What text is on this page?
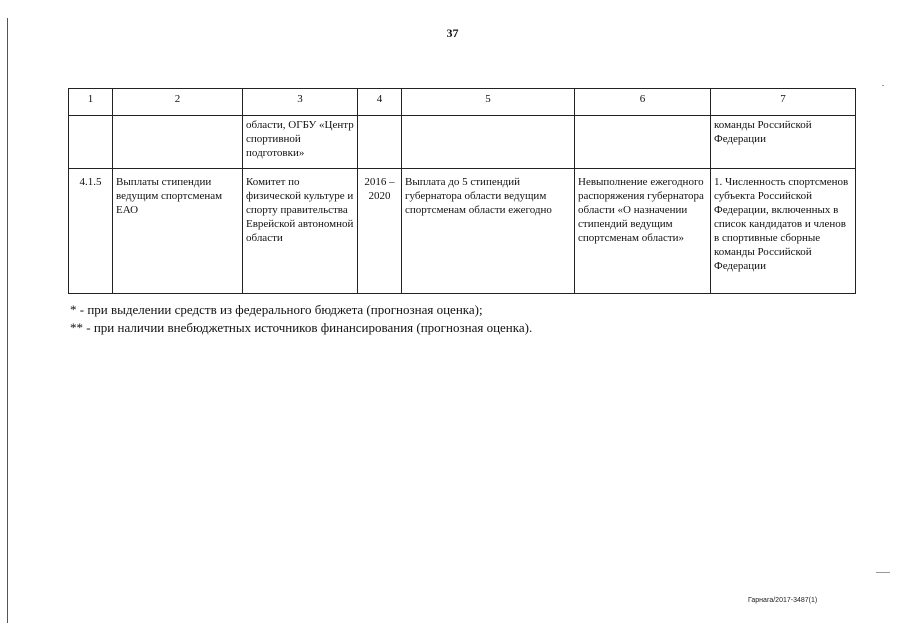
37
1	2	3	4	5	6	7
		области, ОГБУ «Центр спортивной подготовки»				команды Российской Федерации
4.1.5	Выплаты стипендии ведущим спортсменам ЕАО	Комитет по физической культуре и спорту правительства Еврейской автономной области	2016 – 2020	Выплата до 5 стипендий губернатора области ведущим спортсменам области ежегодно	Невыполнение ежегодного распоряжения губернатора области «О назначении стипендий ведущим спортсменам области»	1. Численность спортсменов субъекта Российской Федерации, включенных в список кандидатов и членов в спортивные сборные команды Российской Федерации
* - при выделении средств из федерального бюджета (прогнозная оценка);
** - при наличии внебюджетных источников финансирования (прогнозная оценка).
Гарнага/2017-3487(1)
